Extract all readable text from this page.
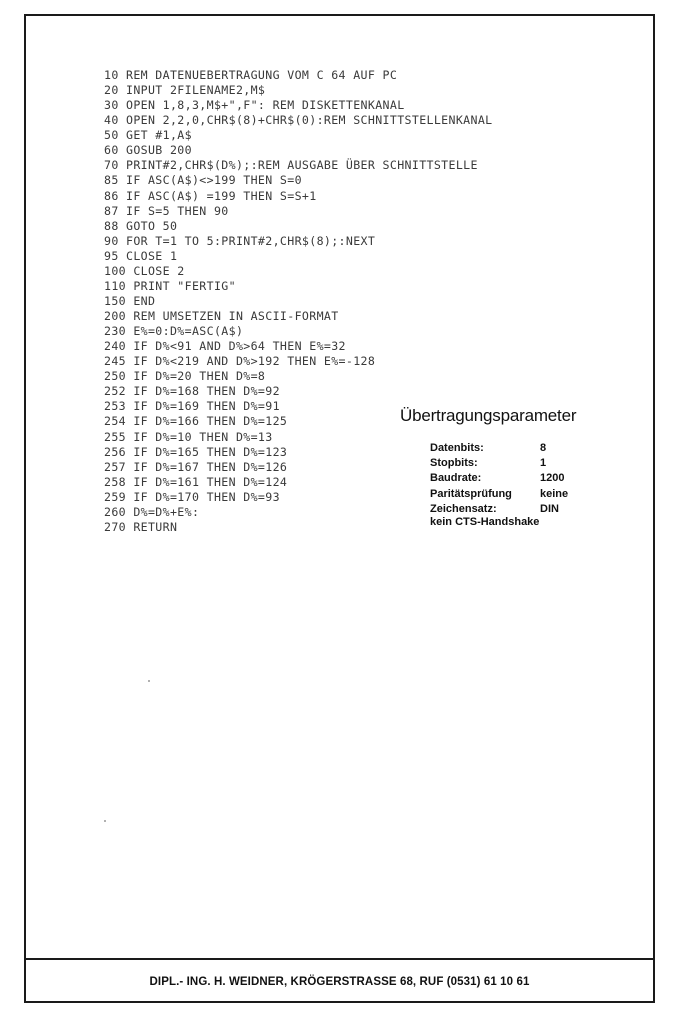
DIPL.- ING. H. WEIDNER, KRÖGERSTRASSE 68, RUF (0531) 61 10 61
10 REM DATENUEBERTRAGUNG VOM C 64 AUF PC
20 INPUT 2FILENAME2,M$
30 OPEN 1,8,3,M$+",F": REM DISKETTENKANAL
40 OPEN 2,2,0,CHR$(8)+CHR$(0):REM SCHNITTSTELLENKANAL
50 GET #1,A$
60 GOSUB 200
70 PRINT#2,CHR$(D%);:REM AUSGABE ÜBER SCHNITTSTELLE
85 IF ASC(A$)<>199 THEN S=0
86 IF ASC(A$) =199 THEN S=S+1
87 IF S=5 THEN 90
88 GOTO 50
90 FOR T=1 TO 5:PRINT#2,CHR$(8);:NEXT
95 CLOSE 1
100 CLOSE 2
110 PRINT "FERTIG"
150 END
200 REM UMSETZEN IN ASCII-FORMAT
230 E%=0:D%=ASC(A$)
240 IF D%<91 AND D%>64 THEN E%=32
245 IF D%<219 AND D%>192 THEN E%=-128
250 IF D%=20 THEN D%=8
252 IF D%=168 THEN D%=92
253 IF D%=169 THEN D%=91
254 IF D%=166 THEN D%=125
255 IF D%=10 THEN D%=13
256 IF D%=165 THEN D%=123
257 IF D%=167 THEN D%=126
258 IF D%=161 THEN D%=124
259 IF D%=170 THEN D%=93
260 D%=D%+E%:
270 RETURN
Übertragungsparameter
Datenbits:	8
Stopbits:	1
Baudrate:	1200
Paritätsprüfung	keine
Zeichensatz:	DIN
kein CTS-Handshake
